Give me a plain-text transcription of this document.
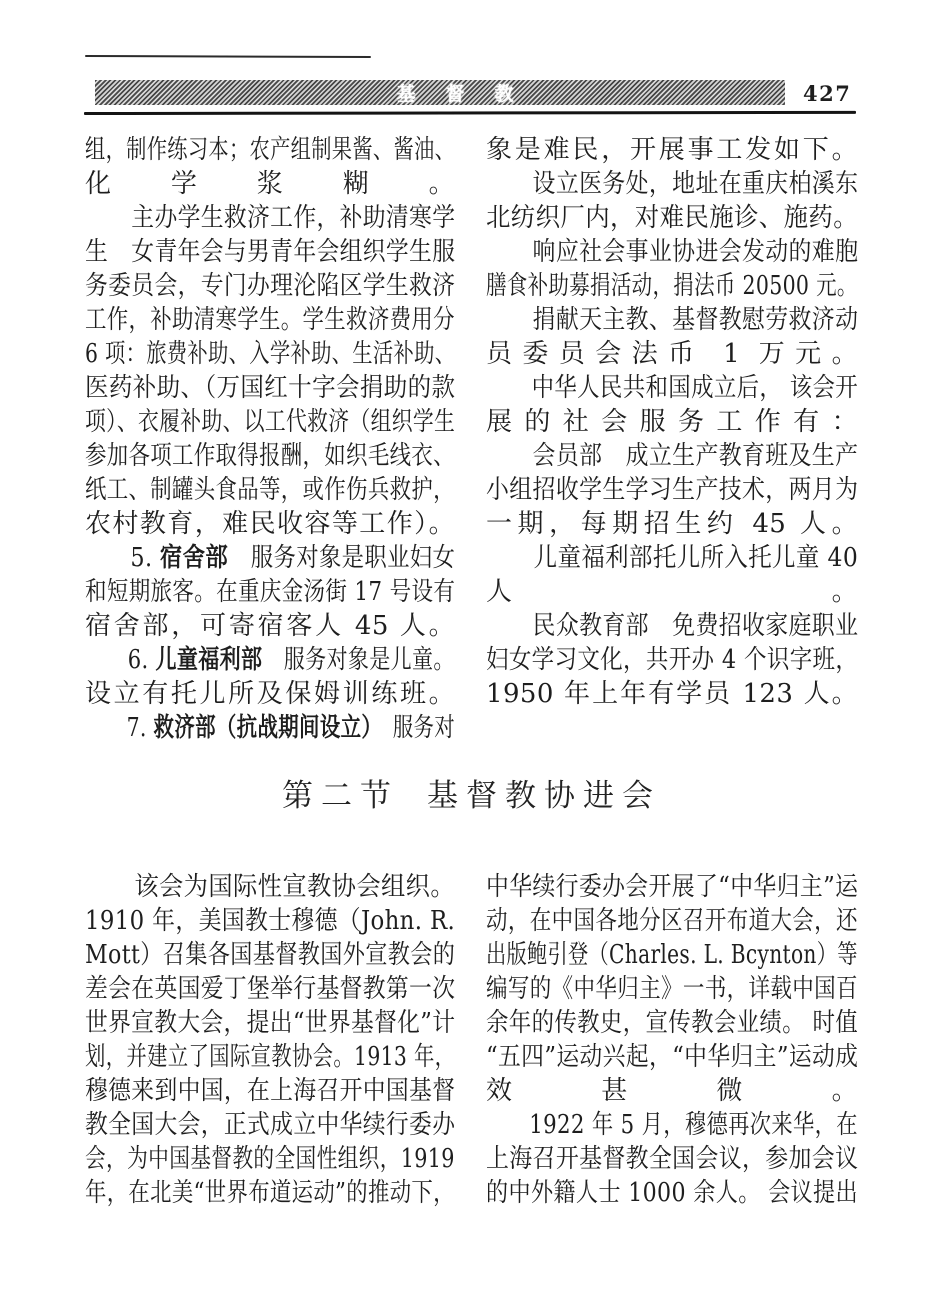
基督教	427
组，制作练习本；农产组制果酱、酱油、
化学浆糊。
　　主办学生救济工作，补助清寒学
生　女青年会与男青年会组织学生服
务委员会，专门办理沦陷区学生救济
工作，补助清寒学生。学生救济费用分
6 项：旅费补助、入学补助、生活补助、
医药补助、（万国红十字会捐助的款
项）、衣履补助、以工代救济（组织学生
参加各项工作取得报酬，如织毛线衣、
纸工、制罐头食品等，或作伤兵救护，
农村教育，难民收容等工作）。
　　5. 宿舍部　服务对象是职业妇女
和短期旅客。在重庆金汤街 17 号设有
宿舍部，可寄宿客人 45 人。
　　6. 儿童福利部　服务对象是儿童。
设立有托儿所及保姆训练班。
　　7. 救济部（抗战期间设立）　服务对
象是难民，开展事工发如下。
　　设立医务处，地址在重庆柏溪东
北纺织厂内，对难民施诊、施药。
　　响应社会事业协进会发动的难胞
膳食补助募捐活动，捐法币 20500 元。
　　捐献天主教、基督教慰劳救济动
员委员会法币 1 万元。
　　中华人民共和国成立后， 该会开
展的社会服务工作有：
　　会员部　成立生产教育班及生产
小组招收学生学习生产技术，两月为
一期，每期招生约 45 人。
　　儿童福利部托儿所入托儿童 40
人。
　　民众教育部　免费招收家庭职业
妇女学习文化，共开办 4 个识字班，
1950 年上年有学员 123 人。
第二节 基督教协进会
　　该会为国际性宣教协会组织。
1910 年，美国教士穆德（John. R.
Mott）召集各国基督教国外宣教会的
差会在英国爱丁堡举行基督教第一次
世界宣教大会，提出“世界基督化”计
划，并建立了国际宣教协会。1913 年，
穆德来到中国，在上海召开中国基督
教全国大会，正式成立中华续行委办
会，为中国基督教的全国性组织，1919
年，在北美“世界布道运动”的推动下，
中华续行委办会开展了“中华归主”运
动，在中国各地分区召开布道大会，还
出版鲍引登（Charles. L. Bcynton）等
编写的《中华归主》一书，详载中国百
余年的传教史，宣传教会业绩。 时值
“五四”运动兴起，“中华归主”运动成
效甚微。
　　1922 年 5 月，穆德再次来华，在
上海召开基督教全国会议，参加会议
的中外籍人士 1000 余人。 会议提出
